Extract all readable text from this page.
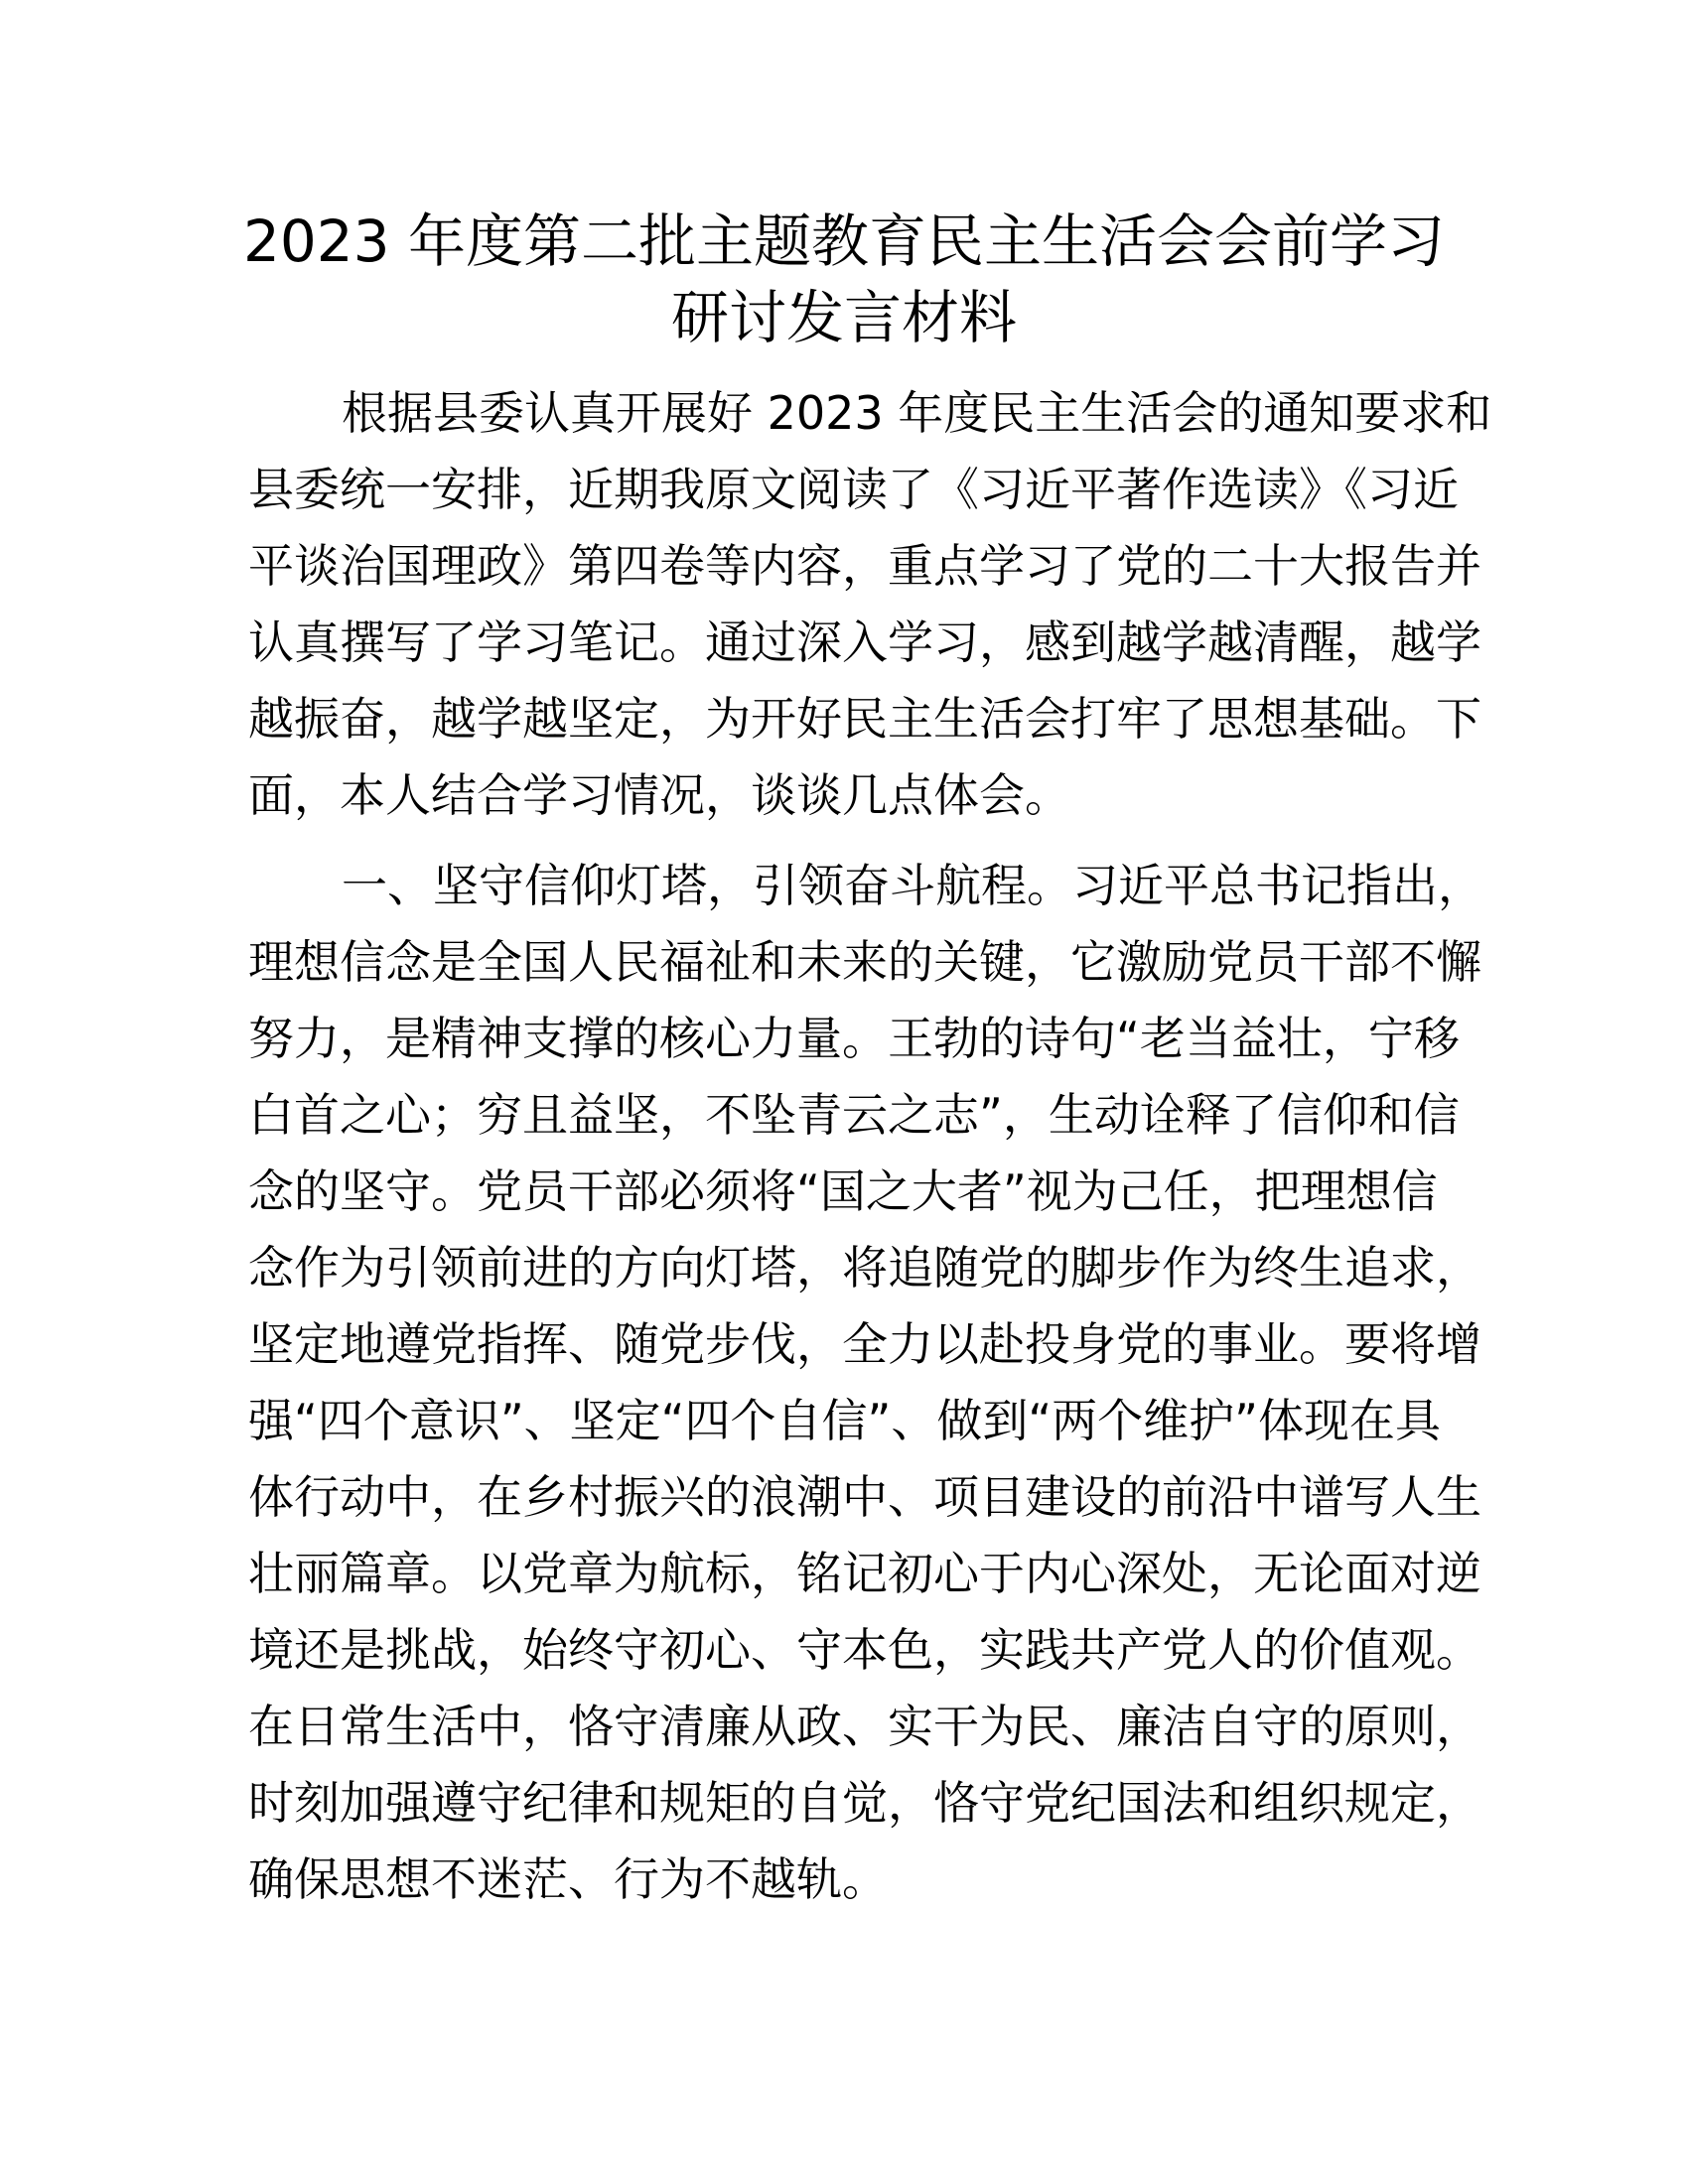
2023 年度第二批主题教育民主生活会会前学习
研讨发言材料
根据县委认真开展好 2023 年度民主生活会的通知要求和
县委统一安排，近期我原文阅读了《习近平著作选读》《习近
平谈治国理政》第四卷等内容，重点学习了党的二十大报告并
认真撰写了学习笔记。通过深入学习，感到越学越清醒，越学
越振奋，越学越坚定，为开好民主生活会打牢了思想基础。下
面，本人结合学习情况，谈谈几点体会。
一、坚守信仰灯塔，引领奋斗航程。习近平总书记指出，
理想信念是全国人民福祉和未来的关键，它激励党员干部不懈
努力，是精神支撑的核心力量。王勃的诗句“老当益壮，宁移
白首之心；穷且益坚，不坠青云之志”，生动诠释了信仰和信
念的坚守。党员干部必须将“国之大者”视为己任，把理想信
念作为引领前进的方向灯塔，将追随党的脚步作为终生追求，
坚定地遵党指挥、随党步伐，全力以赴投身党的事业。要将增
强“四个意识”、坚定“四个自信”、做到“两个维护”体现在具
体行动中，在乡村振兴的浪潮中、项目建设的前沿中谱写人生
壮丽篇章。以党章为航标，铭记初心于内心深处，无论面对逆
境还是挑战，始终守初心、守本色，实践共产党人的价值观。
在日常生活中，恪守清廉从政、实干为民、廉洁自守的原则，
时刻加强遵守纪律和规矩的自觉，恪守党纪国法和组织规定，
确保思想不迷茫、行为不越轨。
